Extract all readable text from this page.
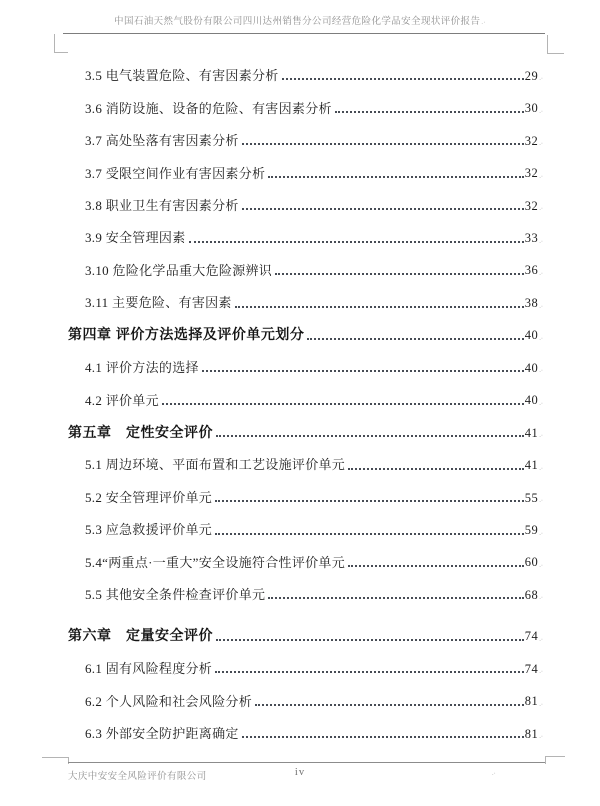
中国石油天然气股份有限公司四川达州销售分公司经营危险化学品安全现状评价报告.·
3.5 电气装置危险、有害因素分析	29 .·
3.6 消防设施、设备的危险、有害因素分析	30 .·
3.7 高处坠落有害因素分析	32 .·
3.7 受限空间作业有害因素分析	32 .·
3.8 职业卫生有害因素分析	32 .·
3.9 安全管理因素	33 .·
3.10 危险化学品重大危险源辨识	36 .·
3.11 主要危险、有害因素	38 .·
第四章 评价方法选择及评价单元划分	40 .·
4.1 评价方法的选择	40 .·
4.2 评价单元	40 .·
第五章　定性安全评价	41 .·
5.1 周边环境、平面布置和工艺设施评价单元	41 .·
5.2 安全管理评价单元	55 .·
5.3 应急救援评价单元	59 .·
5.4“两重点·一重大”安全设施符合性评价单元	60 .·
5.5 其他安全条件检查评价单元	68 .·
第六章　定量安全评价	74 .·
6.1 固有风险程度分析	74 .·
6.2 个人风险和社会风险分析	81 .·
6.3 外部安全防护距离确定	81 .·
大庆中安安全风险评价有限公司	iv	.·
